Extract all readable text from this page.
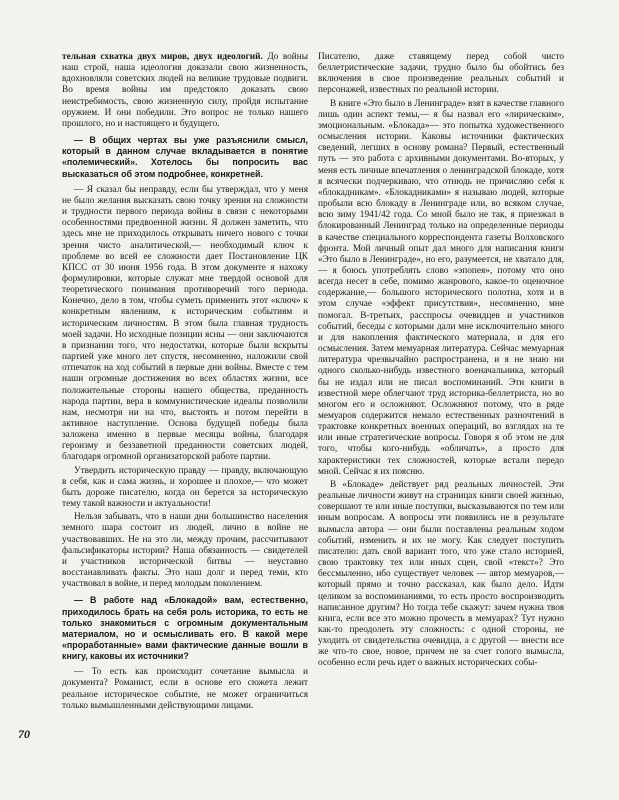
тельная схватка двух миров, двух идеологий. До войны наш строй, наша идеология доказали свою жизненность, вдохновляли советских людей на великие трудовые подвиги. Во время войны им предстояло доказать свою неистребимость, свою жизненную силу, пройдя испытание оружием. И они победили. Это вопрос не только нашего прошлого, но и настоящего и будущего.

— В общих чертах вы уже разъяснили смысл, который в данном случае вкладывается в понятие «полемический». Хотелось бы попросить вас высказаться об этом подробнее, конкретней.

— Я сказал бы неправду, если бы утверждал, что у меня не было желания высказать свою точку зрения на сложности и трудности первого периода войны в связи с некоторыми особенностями предвоенной жизни. Я должен заметить, что здесь мне не приходилось открывать ничего нового с точки зрения чисто аналитической,— необходимый ключ к проблеме во всей ее сложности дает Постановление ЦК КПСС от 30 июня 1956 года. В этом документе я нахожу формулировки, которые служат мне твердой основой для теоретического понимания противоречий того периода. Конечно, дело в том, чтобы суметь применить этот «ключ» к конкретным явлениям, к историческим событиям и историческим личностям. В этом была главная трудность моей задачи. Но исходные позиции ясны — они заключаются в признании того, что недостатки, которые были вскрыты партией уже много лет спустя, несомненно, наложили свой отпечаток на ход событий в первые дни войны. Вместе с тем наши огромные достижения во всех областях жизни, все положительные стороны нашего общества, преданность народа партии, вера в коммунистические идеалы позволили нам, несмотря ни на что, выстоять и потом перейти в активное наступление. Основа будущей победы была заложена именно в первые месяцы войны, благодаря героизму и беззаветной преданности советских людей, благодаря огромной организаторской работе партии.

Утвердить историческую правду — правду, включающую в себя, как и сама жизнь, и хорошее и плохое,— что может быть дороже писателю, когда он берется за историческую тему такой важности и актуальности!

Нельзя забывать, что в наши дни большинство населения земного шара состоит из людей, лично в войне не участвовавших. Не на это ли, между прочим, рассчитывают фальсификаторы истории? Наша обязанность — свидетелей и участников исторической битвы — неуставно восстанавливать факты. Это наш долг и перед теми, кто участвовал в войне, и перед молодым поколением.

— В работе над «Блокадой» вам, естественно, приходилось брать на себя роль историка, то есть не только знакомиться с огромным документальным материалом, но и осмысливать его. В какой мере «проработанные» вами фактические данные вошли в книгу, каковы их источники?

— То есть как происходит сочетание вымысла и документа? Романист, если в основе его сюжета лежит реальное историческое событие, не может ограничиться только вымышленными действующими лицами.

Писателю, даже ставящему перед собой чисто беллетристические задачи, трудно было бы обойтись без включения в свое произведение реальных событий и персонажей, известных по реальной истории.

В книге «Это было в Ленинграде» взят в качестве главного лишь один аспект темы,— я бы назвал его «лирическим», эмоциональным. «Блокада»— это попытка художественного осмысления истории. Каковы источники фактических сведений, легших в основу романа? Первый, естественный путь — это работа с архивными документами. Во-вторых, у меня есть личные впечатления о ленинградской блокаде, хотя я всячески подчеркиваю, что отнюдь не причисляю себя к «блокадникам». «Блокадниками» я называю людей, которые пробыли всю блокаду в Ленинграде или, во всяком случае, всю зиму 1941/42 года. Со мной было не так, я приезжал в блокированный Ленинград только на определенные периоды в качестве специального корреспондента газеты Волховского фронта. Мой личный опыт дал много для написания книги «Это было в Ленинграде», но его, разумеется, не хватало для,— я боюсь употреблять слово «эпопея», потому что оно всегда несет в себе, помимо жанрового, какое-то оценочное содержание,— большого исторического полотна, хотя и в этом случае «эффект присутствия», несомненно, мне помогал. В-третьих, расспросы очевидцев и участников событий, беседы с которыми дали мне исключительно много и для накопления фактического материала, и для его осмысления. Затем мемуарная литература. Сейчас мемуарная литература чрезвычайно распространена, и я не знаю ни одного сколько-нибудь известного военачальника, который бы не издал или не писал воспоминаний. Эти книги в известной мере облегчают труд историка-беллетриста, но во многом его и осложняют. Осложняют потому, что в ряде мемуаров содержится немало естественных разночтений в трактовке конкретных военных операций, во взглядах на те или иные стратегические вопросы. Говоря я об этом не для того, чтобы кого-нибудь «обличать», а просто для характеристики тех сложностей, которые встали передо мной. Сейчас я их поясню.

В «Блокаде» действует ряд реальных личностей. Эти реальные личности живут на страницах книги своей жизнью, совершают те или иные поступки, высказываются по тем или иным вопросам. А вопросы эти появились не в результате вымысла автора — они были поставлены реальным ходом событий, изменить и их не могу. Как следует поступить писателю: дать свой вариант того, что уже стало историей, свою трактовку тех или иных сцен, свой «текст»? Это бессмыленно, ибо существует человек — автор мемуаров,— который прямо и точно рассказал, как было дело. Идти целиком за воспоминаниями, то есть просто воспроизводить написанное другим? Но тогда тебе скажут: зачем нужна твоя книга, если все это можно прочесть в мемуарах? Тут нужно как-то преодолеть эту сложность: с одной стороны, не уходить от свидетельства очевидца, а с другой — внести все же что-то свое, новое, причем не за счет голого вымысла, особенно если речь идет о важных исторических собы-

70
